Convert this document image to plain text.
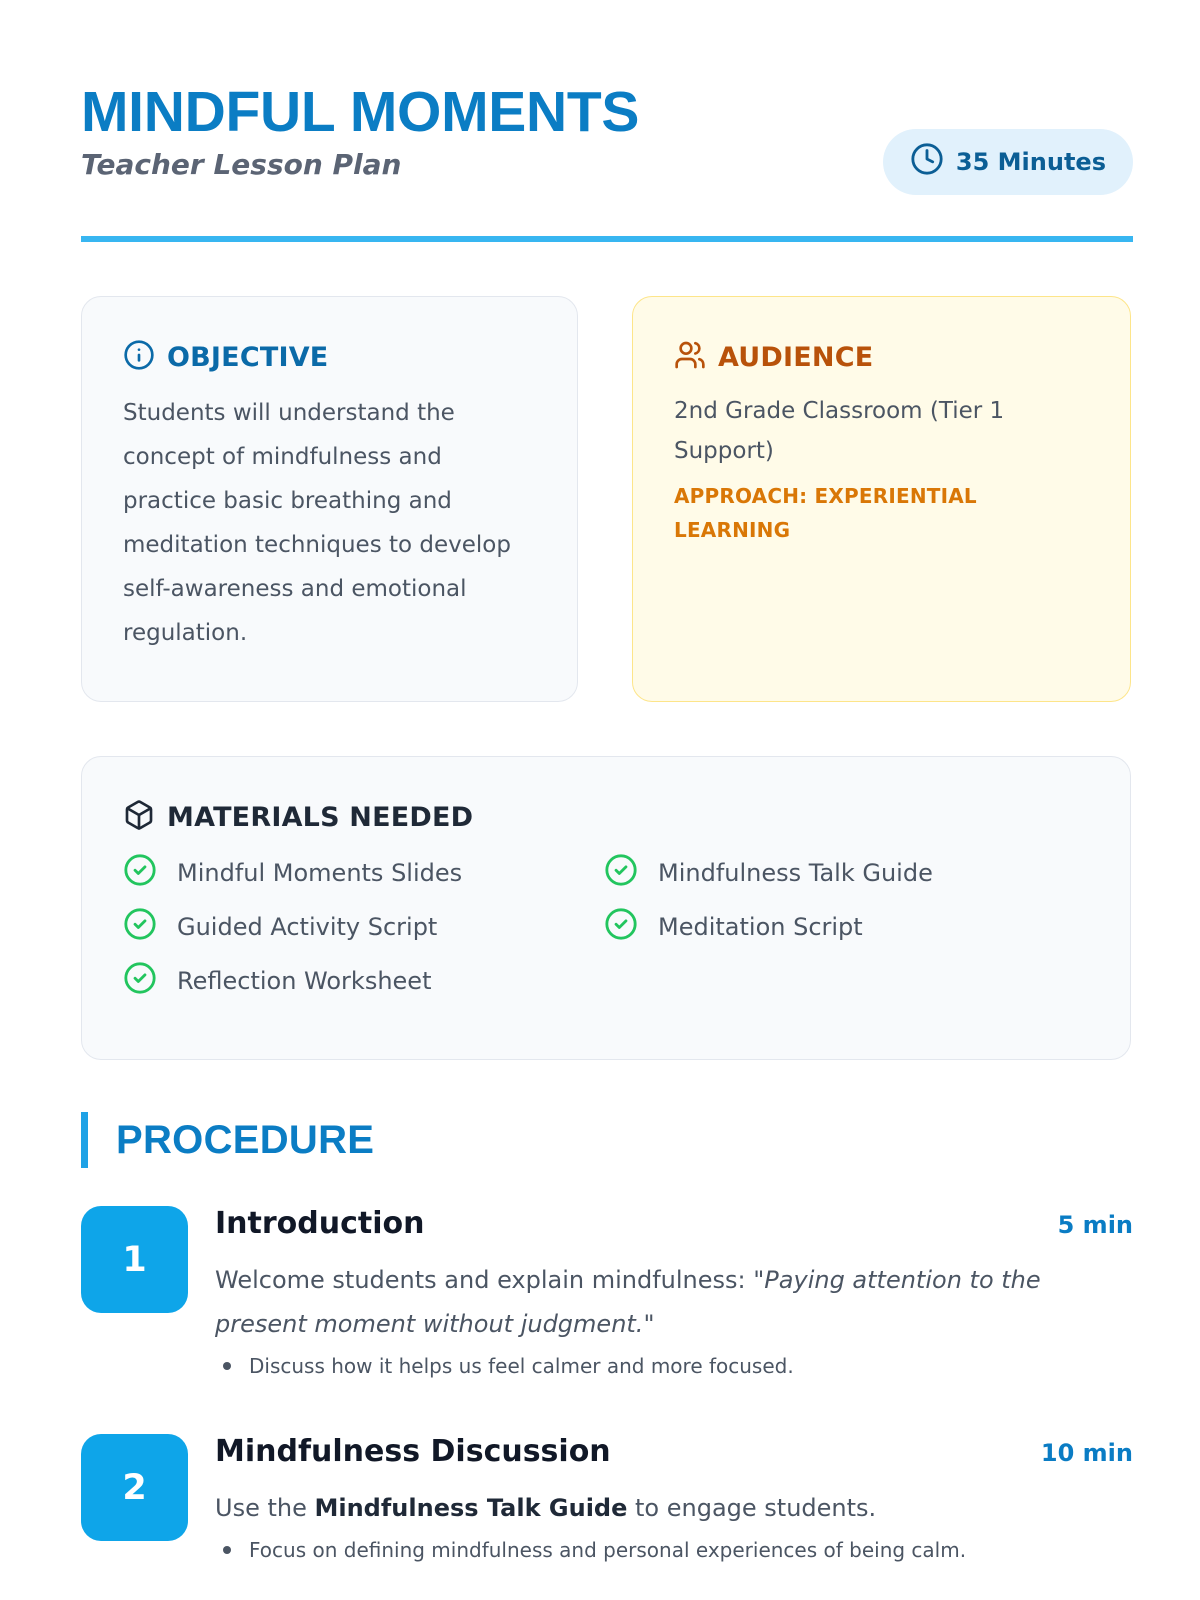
MINDFUL MOMENTS
Teacher Lesson Plan	35 Minutes
OBJECTIVE
Students will understand the concept of mindfulness and practice basic breathing and meditation techniques to develop self-awareness and emotional regulation.
AUDIENCE
2nd Grade Classroom (Tier 1 Support)
APPROACH: EXPERIENTIAL LEARNING
MATERIALS NEEDED
Mindful Moments Slides	Mindfulness Talk Guide
Guided Activity Script	Meditation Script
Reflection Worksheet
PROCEDURE
1
Introduction	5 min
Welcome students and explain mindfulness: "Paying attention to the present moment without judgment."
Discuss how it helps us feel calmer and more focused.
2
Mindfulness Discussion	10 min
Use the Mindfulness Talk Guide to engage students.
Focus on defining mindfulness and personal experiences of being calm.
